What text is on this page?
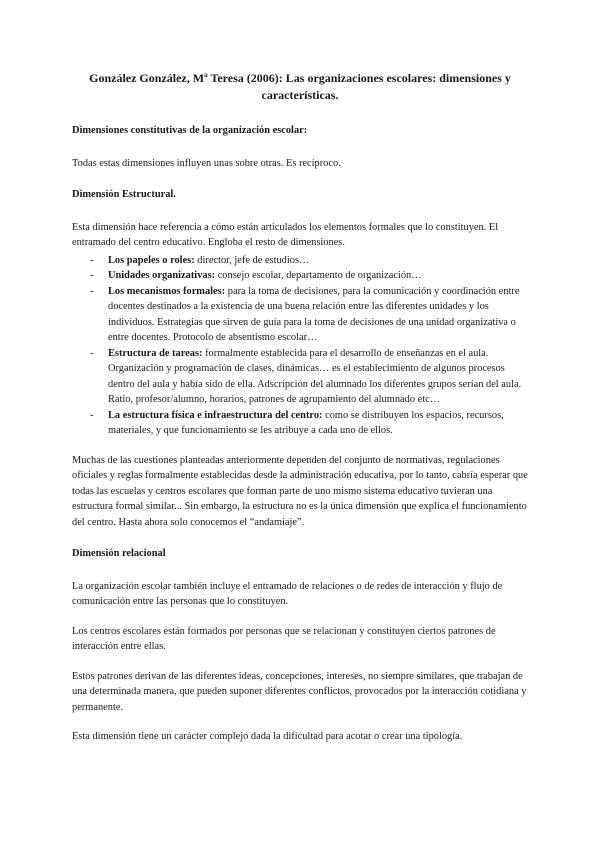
González González, Mª Teresa (2006): Las organizaciones escolares: dimensiones y características.
Dimensiones constitutivas de la organización escolar:

Todas estas dimensiones influyen unas sobre otras. Es recíproco.

Dimensión Estructural.

Esta dimensión hace referencia a cómo están articulados los elementos formales que lo constituyen. El entramado del centro educativo. Engloba el resto de dimensiones.

- Los papeles o roles: director, jefe de estudios…
- Unidades organizativas: consejo escolar, departamento de organización…
- Los mecanismos formales: para la toma de decisiones, para la comunicación y coordinación entre docentes destinados a la existencia de una buena relación entre las diferentes unidades y los individuos. Estrategias que sirven de guía para la toma de decisiones de una unidad organizativa o entre docentes. Protocolo de absentismo escolar…
- Estructura de tareas: formalmente establecida para el desarrollo de enseñanzas en el aula. Organización y programación de clases, dinámicas… es el establecimiento de algunos procesos dentro del aula y había sido de ella. Adscripción del alumnado los diferentes grupos serían del aula. Ratio, profesor/alumno, horarios, patrones de agrupamiento del alumnado etc…
- La estructura física e infraestructura del centro: como se distribuyen los espacios, recursos, materiales, y que funcionamiento se les atribuye a cada uno de ellos.

Muchas de las cuestiones planteadas anteriormente dependen del conjunto de normativas, regulaciones oficiales y reglas formalmente establecidas desde la administración educativa, por lo tanto, cabría esperar que todas las escuelas y centros escolares que forman parte de uno mismo sistema educativo tuvieran una estructura formal similar... Sin embargo, la estructura no es la única dimensión que explica el funcionamiento del centro. Hasta ahora solo conocemos el “andamiaje”.

Dimensión relacional

La organización escolar también incluye el entramado de relaciones o de redes de interacción y flujo de comunicación entre las personas que lo constituyen.

Los centros escolares están formados por personas que se relacionan y constituyen ciertos patrones de interacción entre ellas.

Estos patrones derivan de las diferentes ideas, concepciones, intereses, no siempre similares, que trabajan de una determinada manera, que pueden suponer diferentes conflictos, provocados por la interacción cotidiana y permanente.

Esta dimensión tiene un carácter complejo dada la dificultad para acotar o crear una tipología.
